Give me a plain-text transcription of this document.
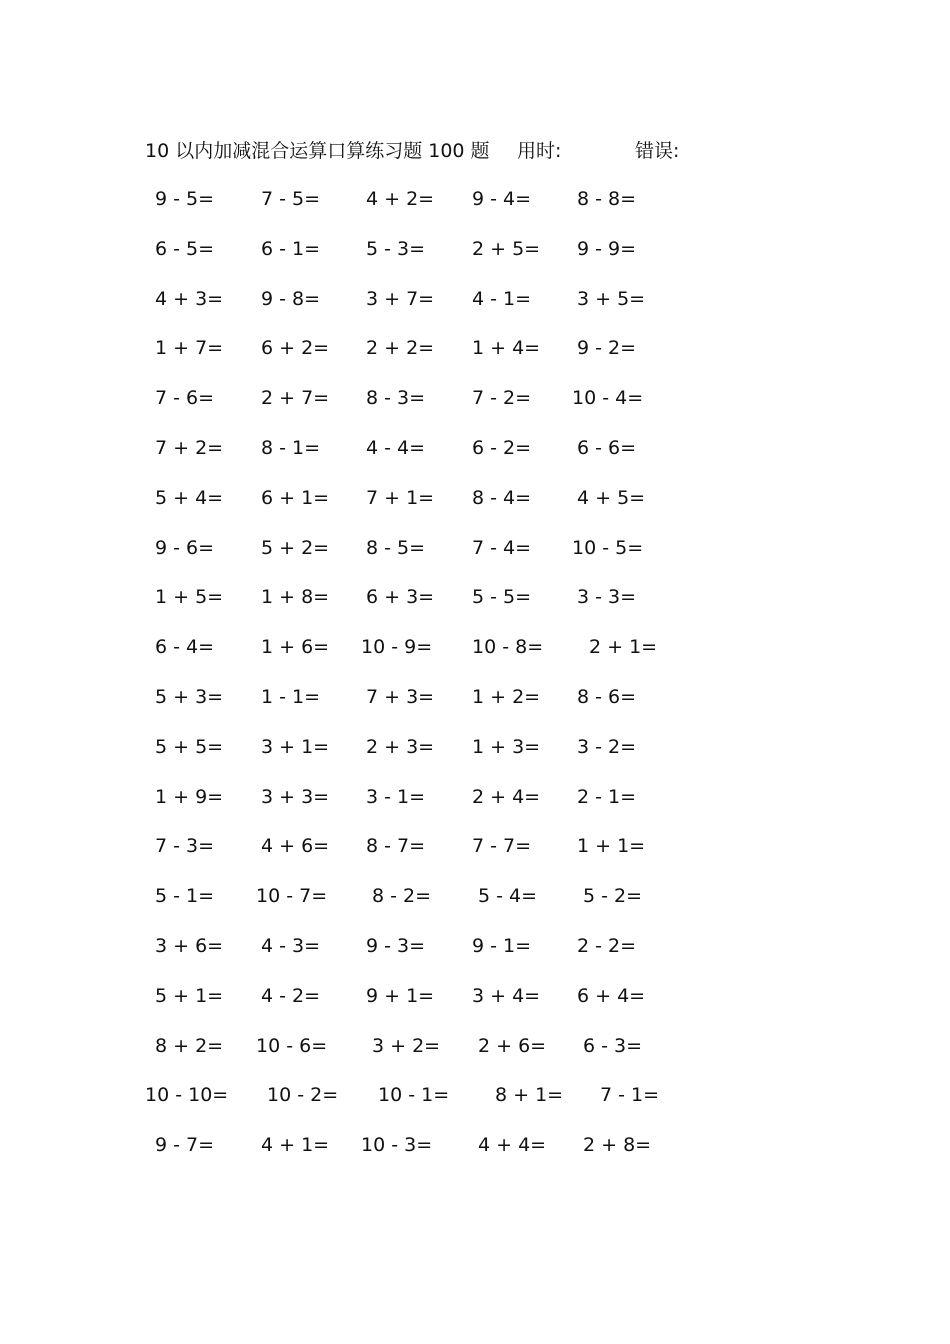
10 以内加减混合运算口算练习题 100 题 用时:	错误:
9 - 5= 7 - 5= 4 + 2= 9 - 4= 8 - 8=
6 - 5= 6 - 1= 5 - 3= 2 + 5= 9 - 9=
4 + 3= 9 - 8= 3 + 7= 4 - 1= 3 + 5=
1 + 7= 6 + 2= 2 + 2= 1 + 4= 9 - 2=
7 - 6= 2 + 7= 8 - 3= 7 - 2= 10 - 4=
7 + 2= 8 - 1= 4 - 4= 6 - 2= 6 - 6=
5 + 4= 6 + 1= 7 + 1= 8 - 4= 4 + 5=
9 - 6= 5 + 2= 8 - 5= 7 - 4= 10 - 5=
1 + 5= 1 + 8= 6 + 3= 5 - 5= 3 - 3=
6 - 4= 1 + 6= 10 - 9= 10 - 8= 2 + 1=
5 + 3= 1 - 1= 7 + 3= 1 + 2= 8 - 6=
5 + 5= 3 + 1= 2 + 3= 1 + 3= 3 - 2=
1 + 9= 3 + 3= 3 - 1= 2 + 4= 2 - 1=
7 - 3= 4 + 6= 8 - 7= 7 - 7= 1 + 1=
5 - 1= 10 - 7= 8 - 2= 5 - 4= 5 - 2=
3 + 6= 4 - 3= 9 - 3= 9 - 1= 2 - 2=
5 + 1= 4 - 2= 9 + 1= 3 + 4= 6 + 4=
8 + 2= 10 - 6= 3 + 2= 2 + 6= 6 - 3=
10 - 10= 10 - 2= 10 - 1= 8 + 1= 7 - 1=
9 - 7= 4 + 1= 10 - 3= 4 + 4= 2 + 8=
